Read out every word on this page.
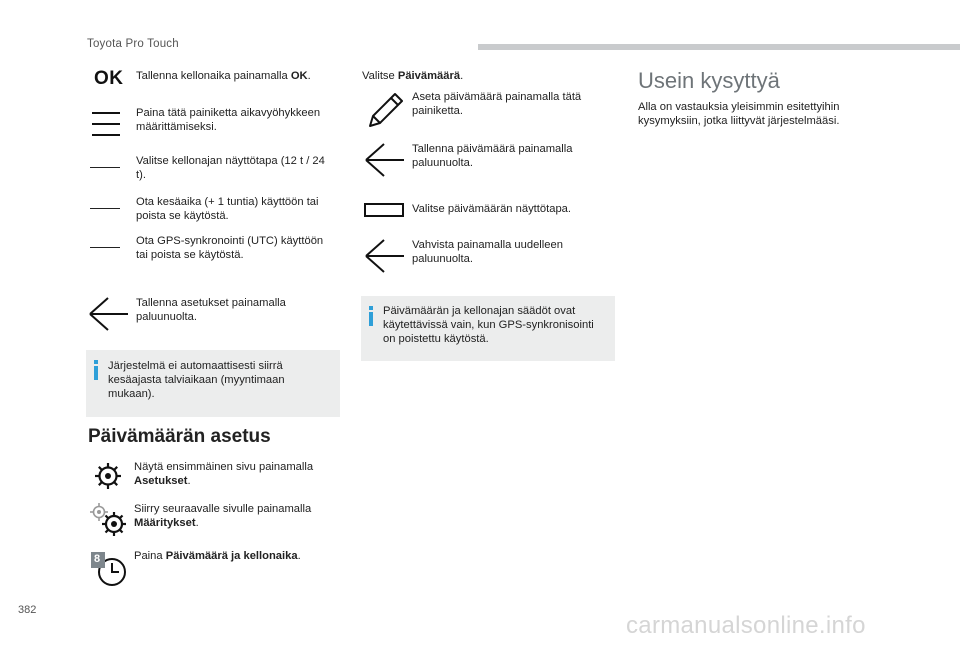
Toyota Pro Touch
OK Tallenna kellonaika painamalla OK.
Paina tätä painiketta aikavyöhykkeen määrittämiseksi.
Valitse kellonajan näyttötapa (12 t / 24 t).
Ota kesäaika (+ 1 tuntia) käyttöön tai poista se käytöstä.
Ota GPS-synkronointi (UTC) käyttöön tai poista se käytöstä.
Tallenna asetukset painamalla paluunuolta.
Järjestelmä ei automaattisesti siirrä kesäajasta talviaikaan (myyntimaan mukaan).
Päivämäärän asetus
Näytä ensimmäinen sivu painamalla Asetukset.
Siirry seuraavalle sivulle painamalla Määritykset.
8	Paina Päivämäärä ja kellonaika.
Valitse Päivämäärä.
Aseta päivämäärä painamalla tätä painiketta.
Tallenna päivämäärä painamalla paluunuolta.
Valitse päivämäärän näyttötapa.
Vahvista painamalla uudelleen paluunuolta.
Päivämäärän ja kellonajan säädöt ovat käytettävissä vain, kun GPS-synkronisointi on poistettu käytöstä.
Usein kysyttyä
Alla on vastauksia yleisimmin esitettyihin kysymyksiin, jotka liittyvät järjestelmääsi.
382
carmanualsonline.info
